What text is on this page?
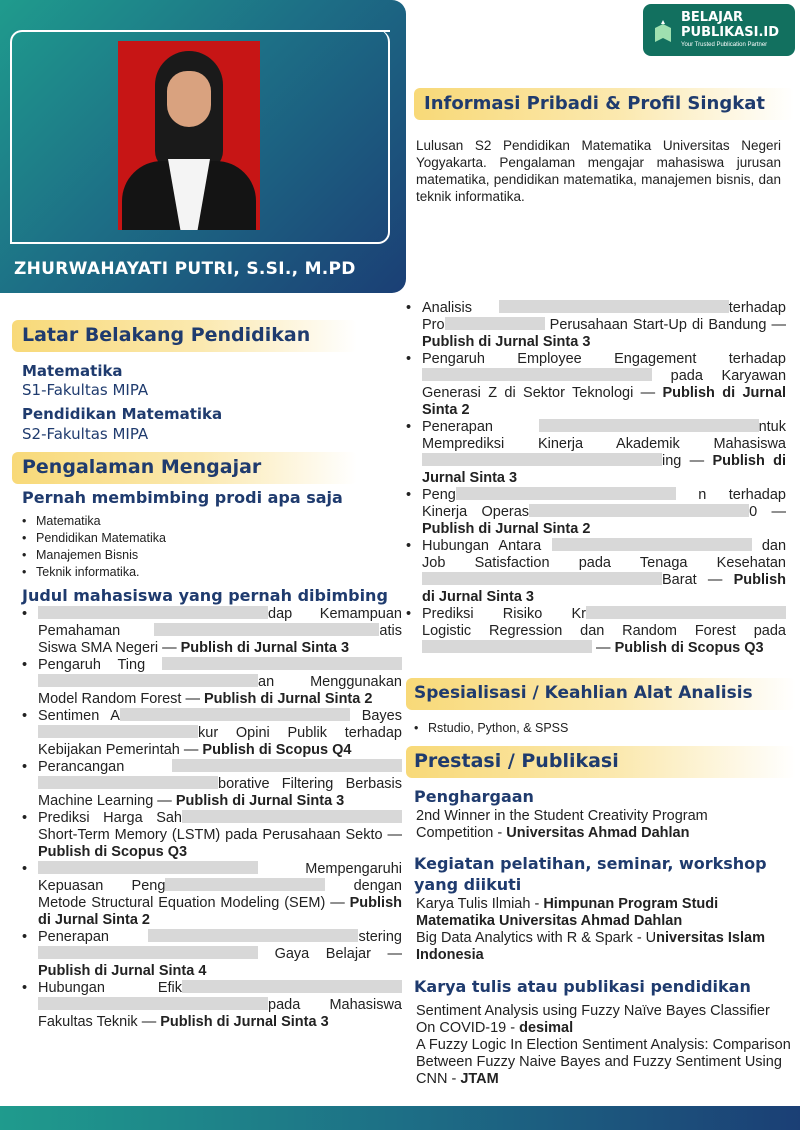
ZHURWAHAYATI PUTRI, S.SI., M.PD
BELAJAR
PUBLIKASI.ID
Your Trusted Publication Partner
Informasi Pribadi & Profil Singkat

Lulusan S2 Pendidikan Matematika Universitas Negeri Yogyakarta. Pengalaman mengajar mahasiswa jurusan matematika, pendidikan matematika, manajemen bisnis, dan teknik informatika.

Latar Belakang Pendidikan

Matematika

S1-Fakultas MIPA

Pendidikan Matematika

S2-Fakultas MIPA

Pengalaman Mengajar

Pernah membimbing prodi apa saja

• Matematika
• Pendidikan Matematika
• Manajemen Bisnis
• Teknik informatika.

Judul mahasiswa yang pernah dibimbing

• dap Kemampuan Pemahaman	atis Siswa SMA Negeri — Publish di Jurnal Sinta 3
• Pengaruh Ting  an Menggunakan Model Random Forest — Publish di Jurnal Sinta 2
• Sentimen A	Bayes kur Opini Publik terhadap Kebijakan Pemerintah — Publish di Scopus Q4
• Perancangan  borative Filtering Berbasis Machine Learning — Publish di Jurnal Sinta 3
• Prediksi Harga Sah Short-Term Memory (LSTM) pada Perusahaan Sekto — Publish di Scopus Q3
• Mempengaruhi Kepuasan Peng	dengan Metode Structural Equation Modeling (SEM) — Publish di Jurnal Sinta 2
• Penerapan	stering  Gaya Belajar — Publish di Jurnal Sinta 4
• Hubungan Efik pada Mahasiswa Fakultas Teknik — Publish di Jurnal Sinta 3
• Analisis	terhadap Pro	Perusahaan Start-Up di Bandung — Publish di Jurnal Sinta 3
• Pengaruh Employee Engagement terhadap  pada Karyawan Generasi Z di Sektor Teknologi — Publish di Jurnal Sinta 2
• Penerapan	ntuk Memprediksi Kinerja Akademik Mahasiswa ing — Publish di Jurnal Sinta 3
• Peng	n terhadap Kinerja Operas	0 — Publish di Jurnal Sinta 2
• Hubungan Antara	dan Job Satisfaction pada Tenaga Kesehatan Barat — Publish di Jurnal Sinta 3
• Prediksi Risiko Kr Logistic Regression dan Random Forest pada  — Publish di Scopus Q3
Spesialisasi / Keahlian Alat Analisis
• Rstudio, Python, & SPSS
Prestasi / Publikasi

Penghargaan

2nd Winner in the Student Creativity Program Competition - Universitas Ahmad Dahlan

Kegiatan pelatihan, seminar, workshop yang diikuti

Karya Tulis Ilmiah - Himpunan Program Studi Matematika Universitas Ahmad Dahlan

Big Data Analytics with R & Spark - Universitas Islam Indonesia

Karya tulis atau publikasi pendidikan

Sentiment Analysis using Fuzzy Naïve Bayes Classifier On COVID-19 - desimal

A Fuzzy Logic In Election Sentiment Analysis: Comparison Between Fuzzy Naive Bayes and Fuzzy Sentiment Using CNN - JTAM
